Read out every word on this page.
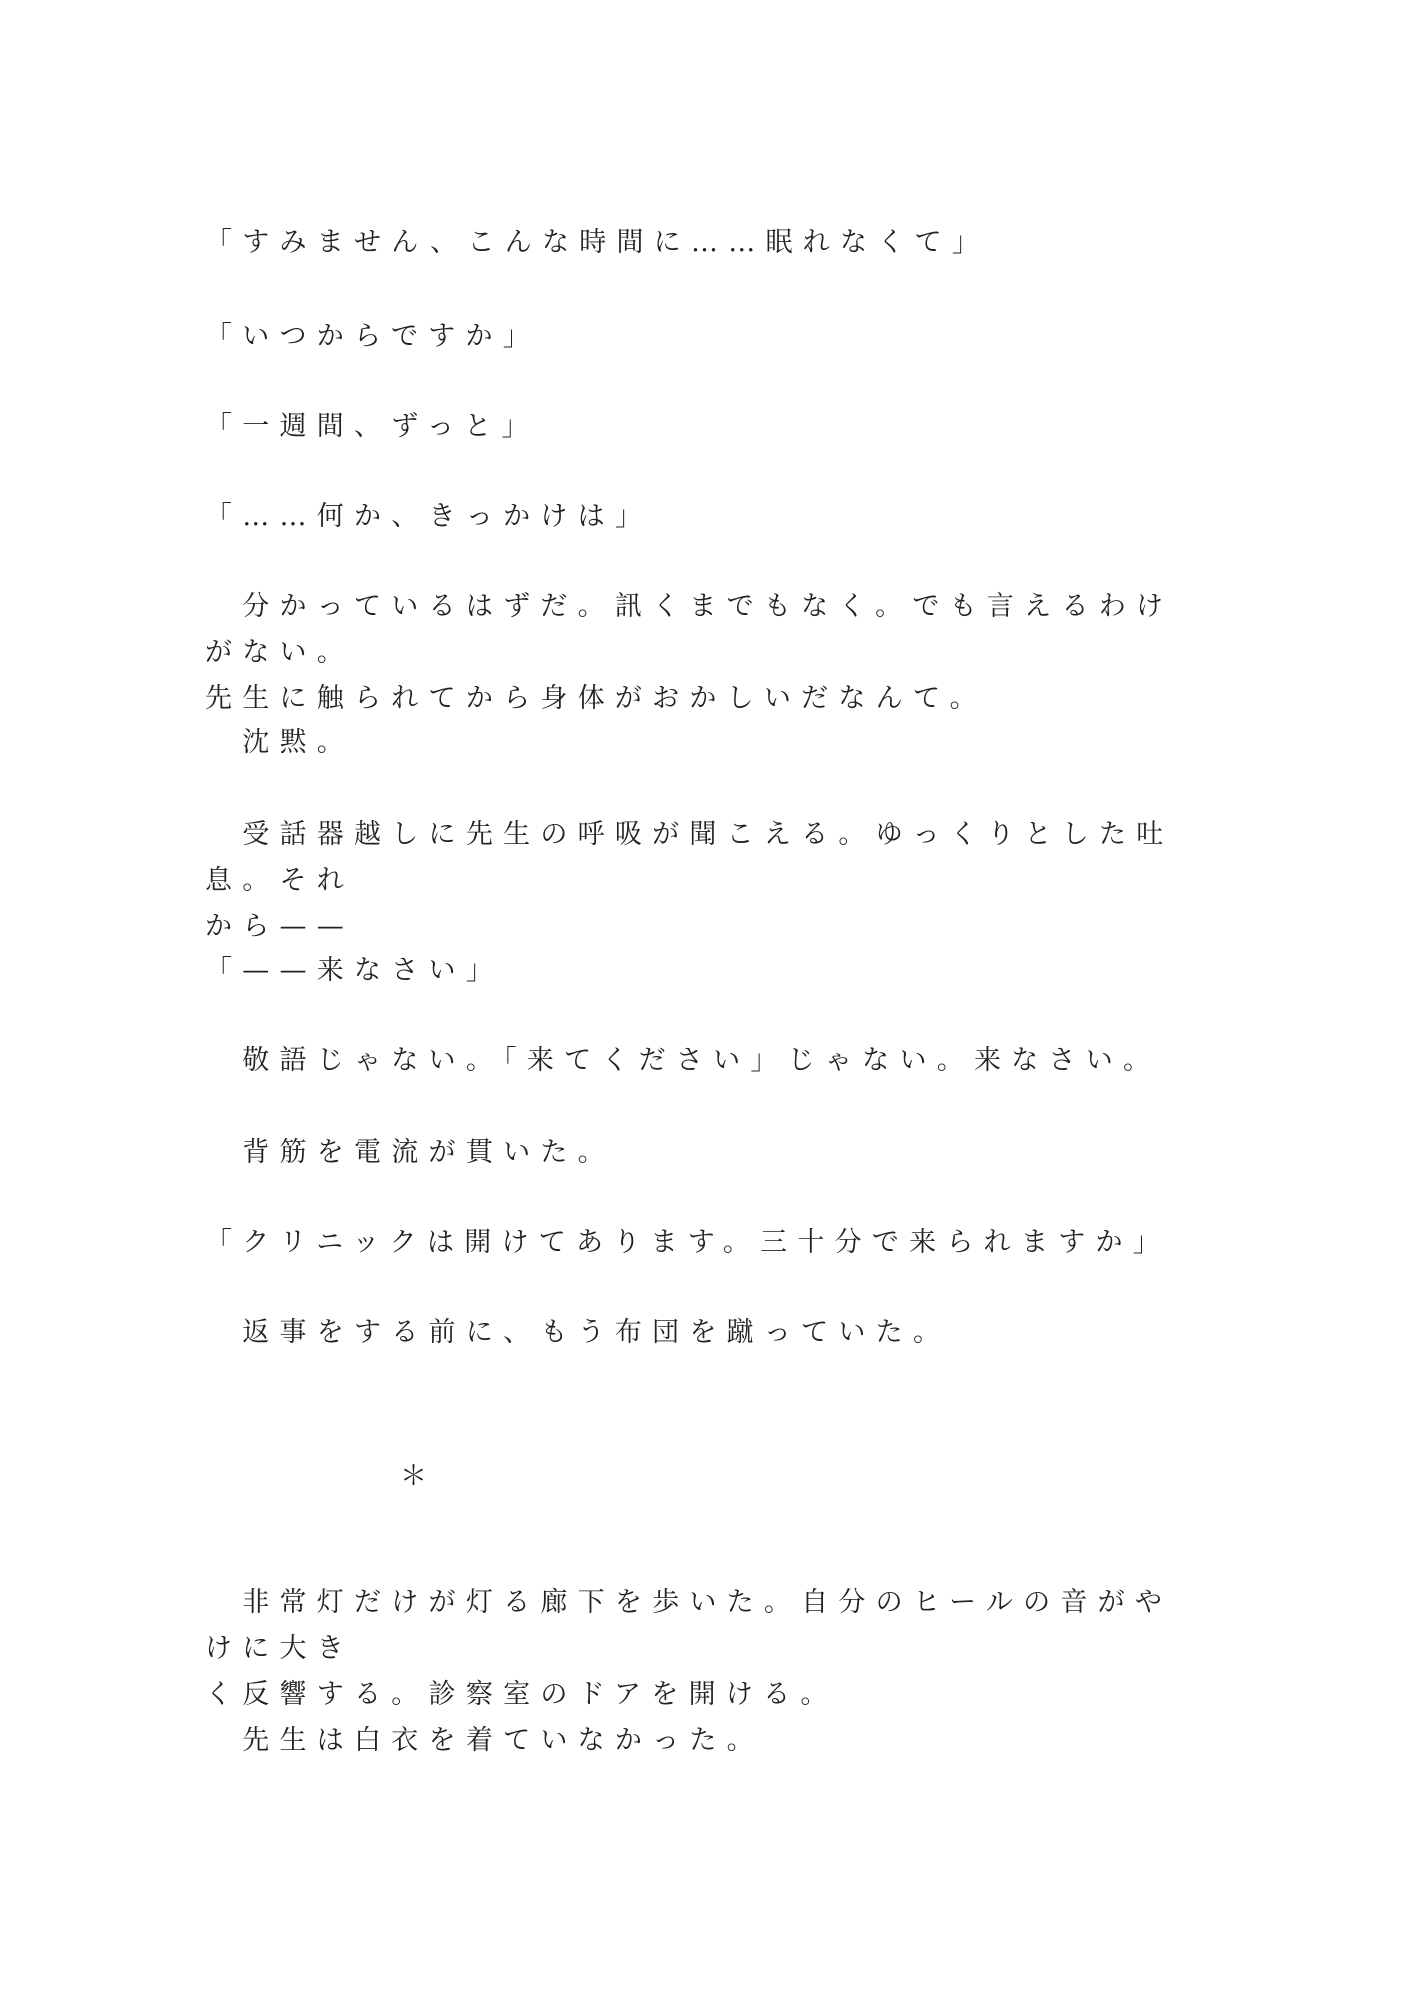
「すみません、こんな時間に……眠れなくて」

「いつからですか」

「一週間、ずっと」

「……何か、きっかけは」

　分かっているはずだ。訊くまでもなく。でも言えるわけがない。
先生に触られてから身体がおかしいだなんて。

　沈黙。

　受話器越しに先生の呼吸が聞こえる。ゆっくりとした吐息。それ
から——

「——来なさい」

　敬語じゃない。「来てください」じゃない。来なさい。

　背筋を電流が貫いた。

「クリニックは開けてあります。三十分で来られますか」

　返事をする前に、もう布団を蹴っていた。

＊

　非常灯だけが灯る廊下を歩いた。自分のヒールの音がやけに大き
く反響する。診察室のドアを開ける。

　先生は白衣を着ていなかった。
